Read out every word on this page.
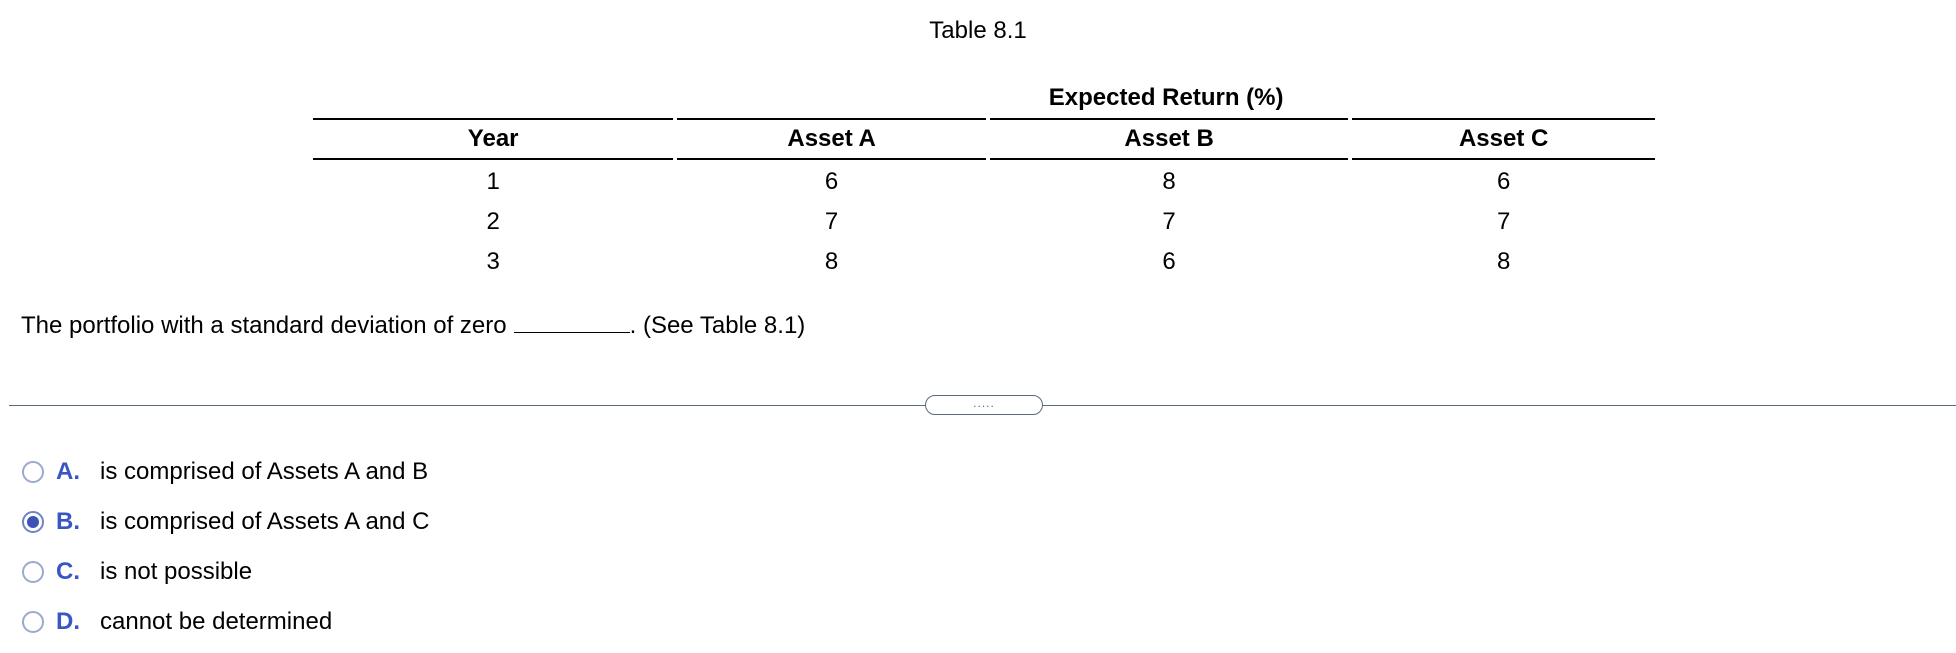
Table 8.1
	Expected Return (%)		
Year	Asset A	Asset B	Asset C
1	6	8	6
2	7	7	7
3	8	6	8
The portfolio with a standard deviation of zero	. (See Table 8.1)
.....
A. is comprised of Assets A and B
B. is comprised of Assets A and C
C. is not possible
D. cannot be determined
